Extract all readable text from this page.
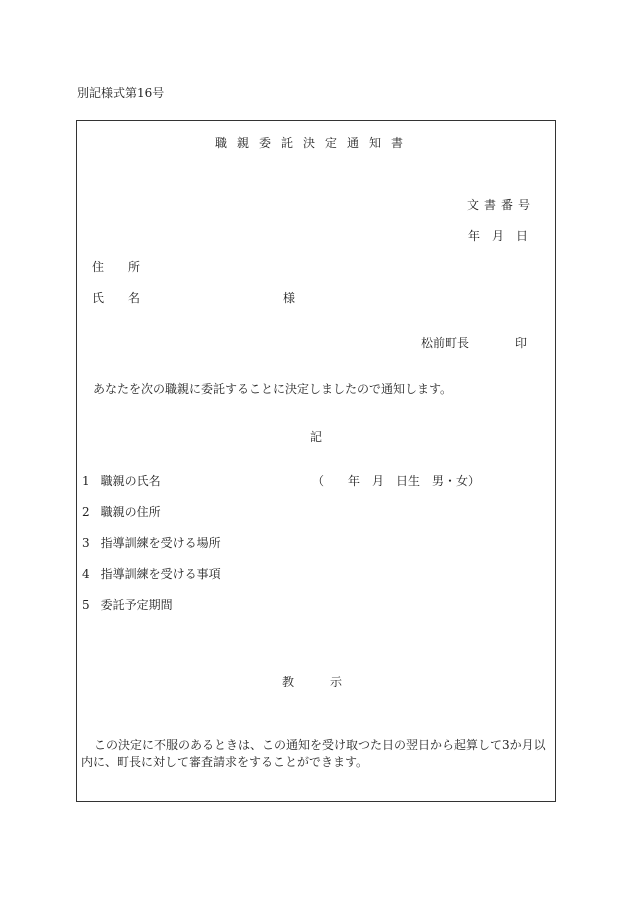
別記様式第16号
職親委託決定通知書
文書番号
年　月　日
住　　所
氏　　名	様
松前町長	印
あなたを次の職親に委託することに決定しましたので通知します。
記
1 職親の氏名	（　　年　月　日生　男・女）
2 職親の住所
3 指導訓練を受ける場所
4 指導訓練を受ける事項
5 委託予定期間
教　　　示
この決定に不服のあるときは、この通知を受け取つた日の翌日から起算して3か月以内に、町長に対して審査請求をすることができます。
